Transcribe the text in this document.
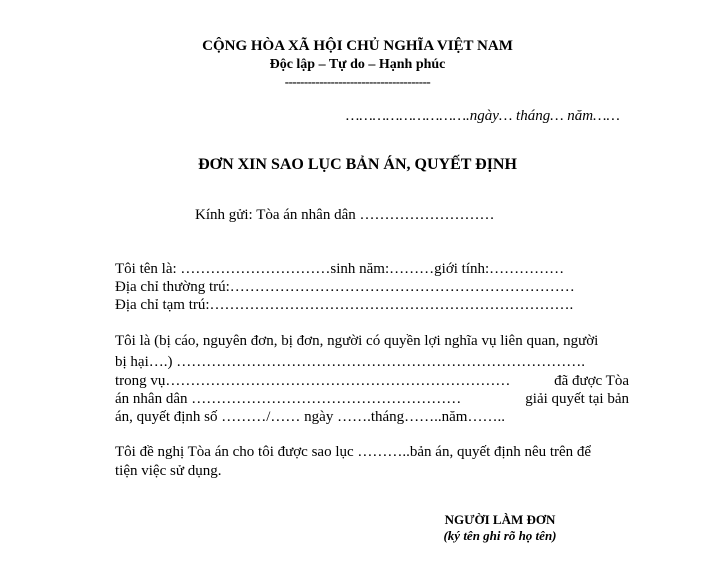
CỘNG HÒA XÃ HỘI CHỦ NGHĨA VIỆT NAM
Độc lập – Tự do – Hạnh phúc
--------------------------------------
……………………….ngày… tháng… năm……
ĐƠN XIN SAO LỤC BẢN ÁN, QUYẾT ĐỊNH
Kính gửi: Tòa án nhân dân ………………………
Tôi tên là: …………………………sinh năm:………giới tính:……………
Địa chỉ thường trú:……………………………………………………………
Địa chỉ tạm trú:……………………………………………………………….
Tôi là (bị cáo, nguyên đơn, bị đơn, người có quyền lợi nghĩa vụ liên quan, người
bị hại….) ……………………………………………………………………….
trong vụ……………………………………………………………	đã được Tòa
án nhân dân ………………………………………………	giải quyết tại bản
án, quyết định số ………/…… ngày …….tháng……..năm……..
Tôi đề nghị Tòa án cho tôi được sao lục ………..bản án, quyết định nêu trên để
tiện việc sử dụng.
NGƯỜI LÀM ĐƠN
(ký tên ghi rõ họ tên)
